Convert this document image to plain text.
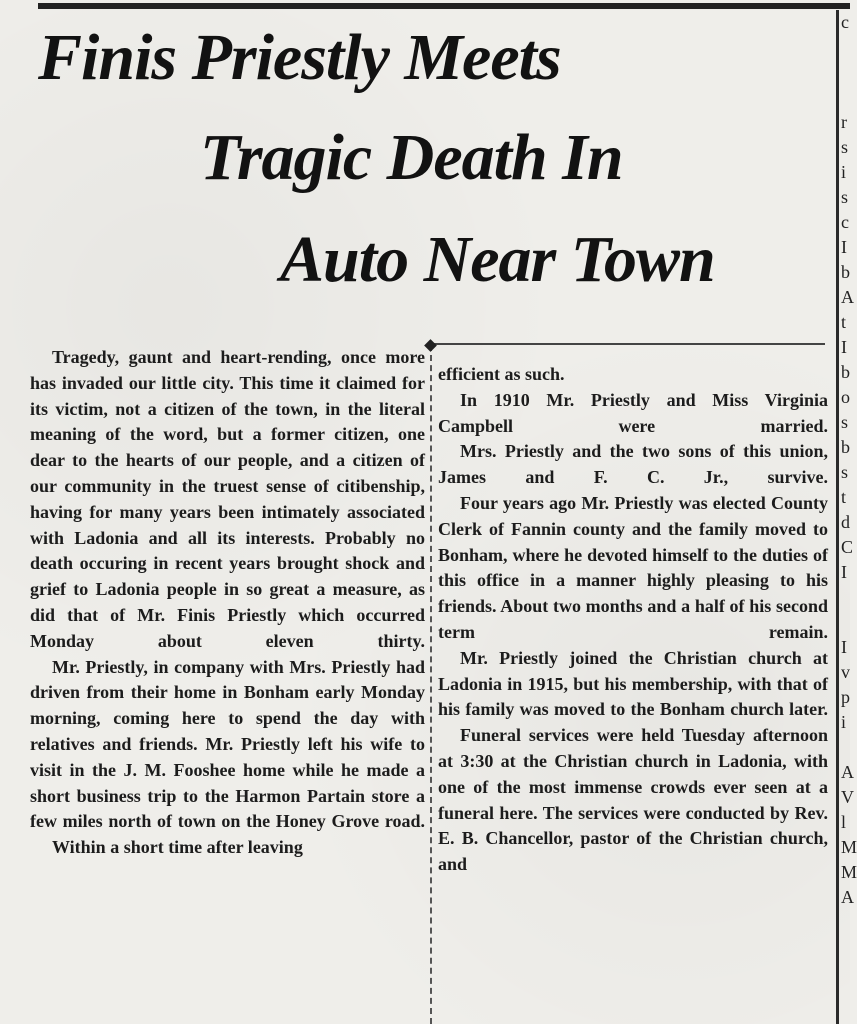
c

r
s
i
s
c
I
b
A
t
I
b
o
s
b
s
t
d
C
I

I
v
p
i

A
V
l
M
M
A
Finis Priestly Meets
Tragic Death In
Auto Near Town

Tragedy, gaunt and heart-rending, once more has invaded our little city. This time it claimed for its victim, not a citizen of the town, in the literal meaning of the word, but a former citizen, one dear to the hearts of our people, and a citizen of our community in the truest sense of citibenship, having for many years been intimately associated with Ladonia and all its interests. Probably no death occuring in recent years brought shock and grief to Ladonia people in so great a measure, as did that of Mr. Finis Priestly which occurred Monday about eleven thirty.

Mr. Priestly, in company with Mrs. Priestly had driven from their home in Bonham early Monday morning, coming here to spend the day with relatives and friends. Mr. Priestly left his wife to visit in the J. M. Fooshee home while he made a short business trip to the Harmon Partain store a few miles north of town on the Honey Grove road.

Within a short time after leaving

efficient as such.

In 1910 Mr. Priestly and Miss Virginia Campbell were married.

Mrs. Priestly and the two sons of this union, James and F. C. Jr., survive.

Four years ago Mr. Priestly was elected County Clerk of Fannin county and the family moved to Bonham, where he devoted himself to the duties of this office in a manner highly pleasing to his friends. About two months and a half of his second term remain.

Mr. Priestly joined the Christian church at Ladonia in 1915, but his membership, with that of his family was moved to the Bonham church later.

Funeral services were held Tuesday afternoon at 3:30 at the Christian church in Ladonia, with one of the most immense crowds ever seen at a funeral here. The services were conducted by Rev. E. B. Chancellor, pastor of the Christian church, and
